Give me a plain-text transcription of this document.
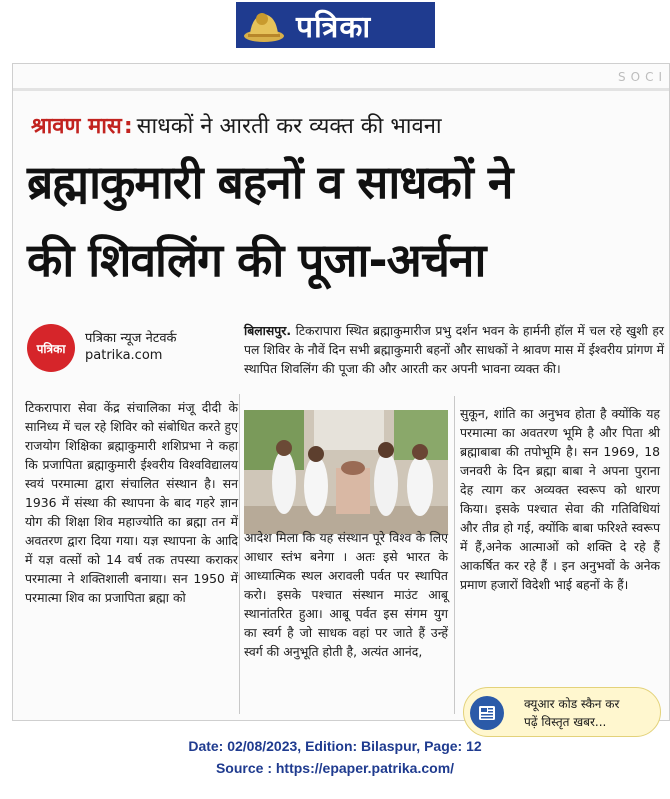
पत्रिका
SOCI
श्रावण मास: साधकों ने आरती कर व्यक्त की भावना
ब्रह्माकुमारी बहनों व साधकों ने
की शिवलिंग की पूजा-अर्चना
पत्रिका
पत्रिका न्यूज नेटवर्क
patrika.com
बिलासपुर. टिकरापारा स्थित ब्रह्माकुमारीज प्रभु दर्शन भवन के हार्मनी हॉल में चल रहे खुशी हर पल शिविर के नौवें दिन सभी ब्रह्माकुमारी बहनों और साधकों ने श्रावण मास में ईश्वरीय प्रांगण में स्थापित शिवलिंग की पूजा की और आरती कर अपनी भावना व्यक्त की।

टिकरापारा सेवा केंद्र संचालिका मंजू दीदी के सानिध्य में चल रहे शिविर को संबोधित करते हुए राजयोग शिक्षिका ब्रह्माकुमारी शशिप्रभा ने कहा कि प्रजापिता ब्रह्माकुमारी ईश्वरीय विश्वविद्यालय स्वयं परमात्मा द्वारा संचालित संस्थान है। सन 1936 में संस्था की स्थापना के बाद गहरे ज्ञान योग की शिक्षा शिव महाज्योति का ब्रह्मा तन में अवतरण द्वारा दिया गया। यज्ञ स्थापना के आदि में यज्ञ वत्सों को 14 वर्ष तक तपस्या कराकर परमात्मा ने शक्तिशाली बनाया। सन 1950 में परमात्मा शिव का प्रजापिता ब्रह्मा को

आदेश मिला कि यह संस्थान पूरे विश्व के लिए आधार स्तंभ बनेगा । अतः इसे भारत के आध्यात्मिक स्थल अरावली पर्वत पर स्थापित करो। इसके पश्चात संस्थान माउंट आबू स्थानांतरित हुआ। आबू पर्वत इस संगम युग का स्वर्ग है जो साधक वहां पर जाते हैं उन्हें स्वर्ग की अनुभूति होती है, अत्यंत आनंद,

सुकून, शांति का अनुभव होता है क्योंकि यह परमात्मा का अवतरण भूमि है और पिता श्री ब्रह्माबाबा की तपोभूमि है। सन 1969, 18 जनवरी के दिन ब्रह्मा बाबा ने अपना पुराना देह त्याग कर अव्यक्त स्वरूप को धारण किया। इसके पश्चात सेवा की गतिविधियां और तीव्र हो गई, क्योंकि बाबा फरिश्ते स्वरूप में हैं,अनेक आत्माओं को शक्ति दे रहे हैं आकर्षित कर रहे हैं । इन अनुभवों के अनेक प्रमाण हजारों विदेशी भाई बहनों के हैं।

क्यूआर कोड स्कैन कर
पढ़ें विस्तृत खबर...
Date: 02/08/2023, Edition: Bilaspur, Page: 12
Source : https://epaper.patrika.com/
